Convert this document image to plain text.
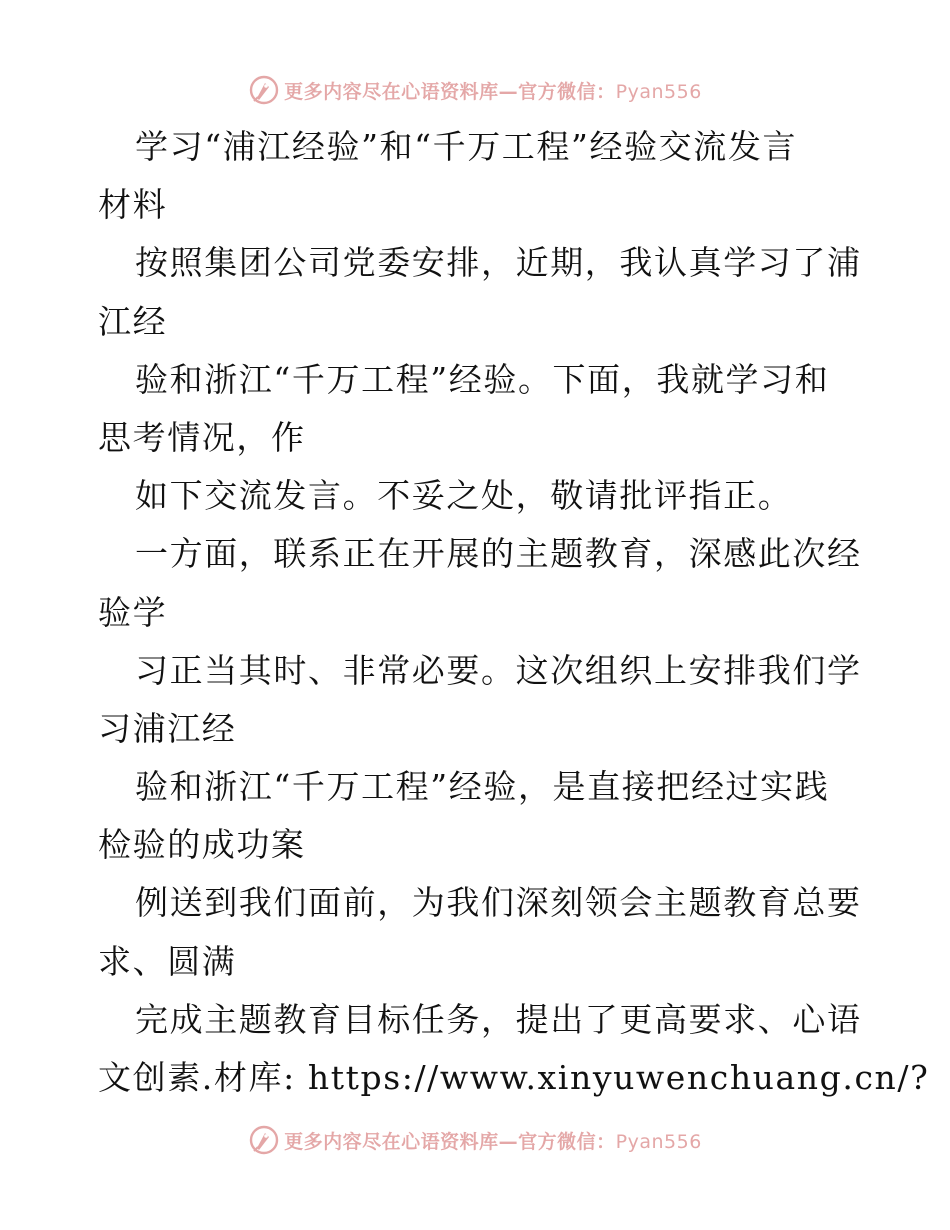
更多内容尽在心语资料库—官方微信：Pyan556
学习“浦江经验”和“千万工程”经验交流发言
材料
按照集团公司党委安排，近期，我认真学习了浦
江经
验和浙江“千万工程”经验。下面，我就学习和
思考情况，作
如下交流发言。不妥之处，敬请批评指正。
一方面，联系正在开展的主题教育，深感此次经
验学
习正当其时、非常必要。这次组织上安排我们学
习浦江经
验和浙江“千万工程”经验，是直接把经过实践
检验的成功案
例送到我们面前，为我们深刻领会主题教育总要
求、圆满
完成主题教育目标任务，提出了更高要求、心语
文创素.材库: https://www.xinyuwenchuang.cn/?
更多内容尽在心语资料库—官方微信：Pyan556
